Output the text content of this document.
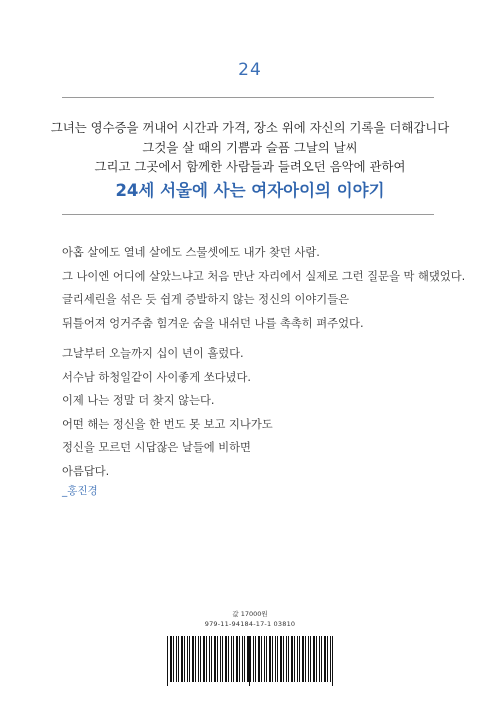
24
그녀는 영수증을 꺼내어 시간과 가격, 장소 위에 자신의 기록을 더해갑니다
그것을 살 때의 기쁨과 슬픔 그날의 날씨
그리고 그곳에서 함께한 사람들과 들려오던 음악에 관하여
24세 서울에 사는 여자아이의 이야기
아홉 살에도 열네 살에도 스물셋에도 내가 찾던 사람.
그 나이엔 어디에 살았느냐고 처음 만난 자리에서 실제로 그런 질문을 막 해댔었다.
글리세린을 섞은 듯 쉽게 증발하지 않는 정신의 이야기들은
뒤틀어져 엉거주춤 힘겨운 숨을 내쉬던 나를 촉촉히 펴주었다.
그날부터 오늘까지 십이 년이 흘렀다.
서수남 하청일같이 사이좋게 쏘다녔다.
이제 나는 정말 더 찾지 않는다.
어떤 해는 정신을 한 번도 못 보고 지나가도
정신을 모르던 시답잖은 날들에 비하면
아름답다.
_홍진경
값 17000원
979-11-94184-17-1 03810
